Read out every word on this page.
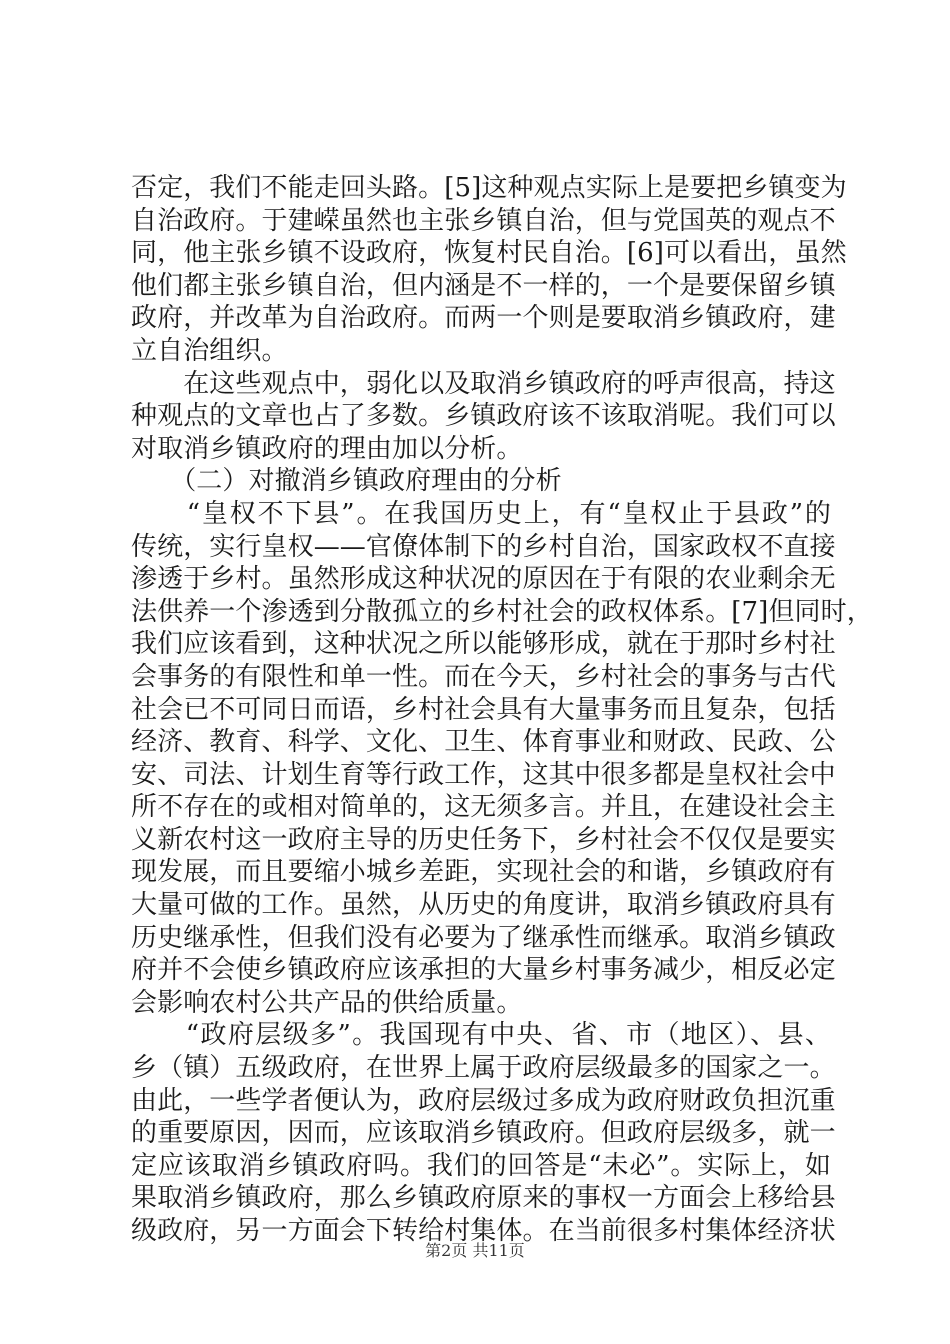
否定，我们不能走回头路。[5]这种观点实际上是要把乡镇变为
自治政府。于建嵘虽然也主张乡镇自治，但与党国英的观点不
同，他主张乡镇不设政府，恢复村民自治。[6]可以看出，虽然
他们都主张乡镇自治，但内涵是不一样的，一个是要保留乡镇
政府，并改革为自治政府。而两一个则是要取消乡镇政府，建
立自治组织。
　　在这些观点中，弱化以及取消乡镇政府的呼声很高，持这
种观点的文章也占了多数。乡镇政府该不该取消呢。我们可以
对取消乡镇政府的理由加以分析。
　　（二）对撤消乡镇政府理由的分析
　　“皇权不下县”。在我国历史上，有“皇权止于县政”的
传统，实行皇权——官僚体制下的乡村自治，国家政权不直接
渗透于乡村。虽然形成这种状况的原因在于有限的农业剩余无
法供养一个渗透到分散孤立的乡村社会的政权体系。[7]但同时，
我们应该看到，这种状况之所以能够形成，就在于那时乡村社
会事务的有限性和单一性。而在今天，乡村社会的事务与古代
社会已不可同日而语，乡村社会具有大量事务而且复杂，包括
经济、教育、科学、文化、卫生、体育事业和财政、民政、公
安、司法、计划生育等行政工作，这其中很多都是皇权社会中
所不存在的或相对简单的，这无须多言。并且，在建设社会主
义新农村这一政府主导的历史任务下，乡村社会不仅仅是要实
现发展，而且要缩小城乡差距，实现社会的和谐，乡镇政府有
大量可做的工作。虽然，从历史的角度讲，取消乡镇政府具有
历史继承性，但我们没有必要为了继承性而继承。取消乡镇政
府并不会使乡镇政府应该承担的大量乡村事务减少，相反必定
会影响农村公共产品的供给质量。
　　“政府层级多”。我国现有中央、省、市（地区）、县、
乡（镇）五级政府，在世界上属于政府层级最多的国家之一。
由此，一些学者便认为，政府层级过多成为政府财政负担沉重
的重要原因，因而，应该取消乡镇政府。但政府层级多，就一
定应该取消乡镇政府吗。我们的回答是“未必”。实际上，如
果取消乡镇政府，那么乡镇政府原来的事权一方面会上移给县
级政府，另一方面会下转给村集体。在当前很多村集体经济状
第2页 共11页
